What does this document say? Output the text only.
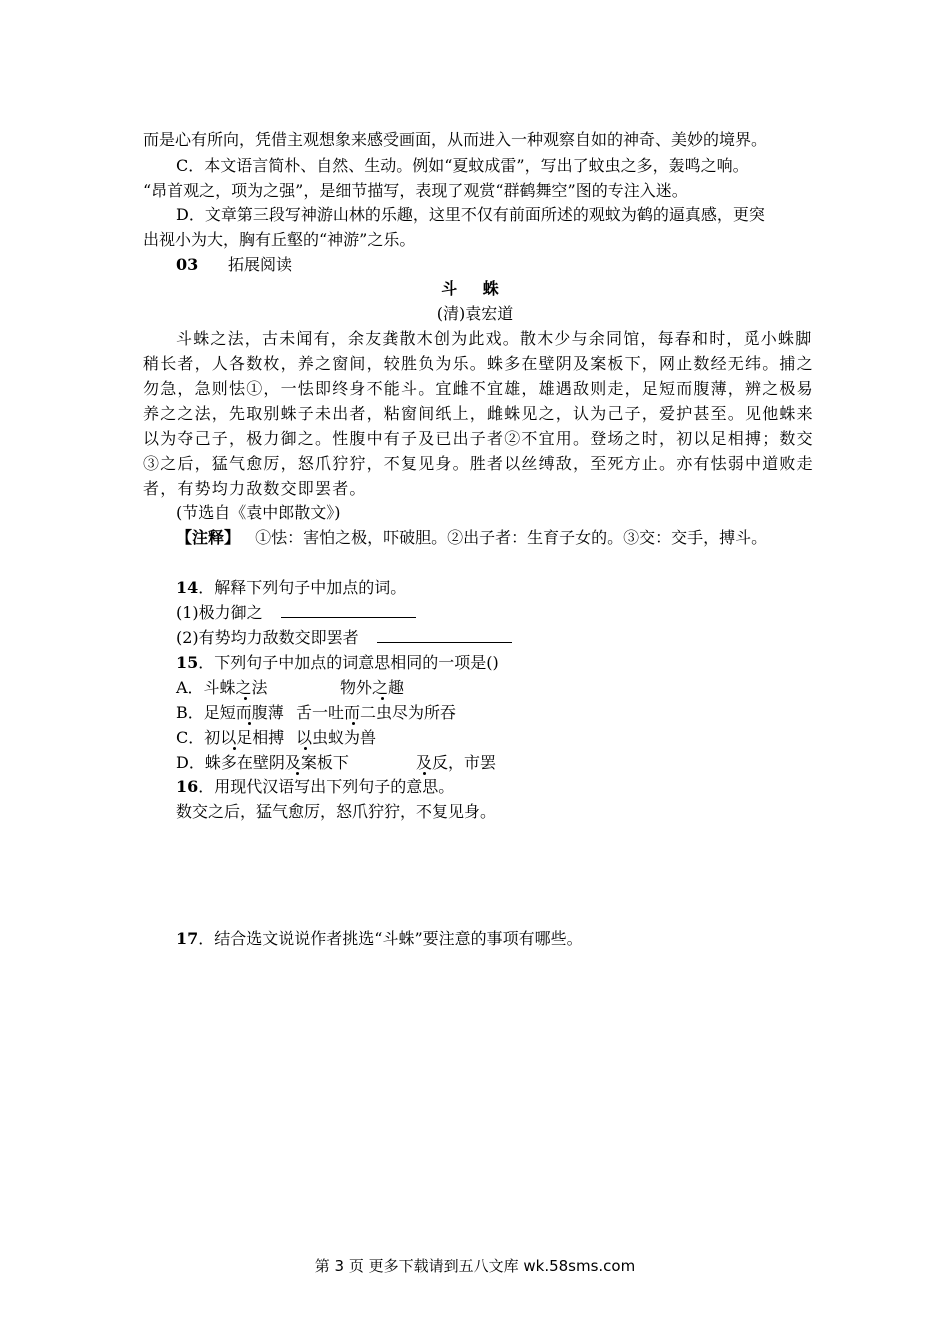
而是心有所向，凭借主观想象来感受画面，从而进入一种观察自如的神奇、美妙的境界。
C．本文语言简朴、自然、生动。例如“夏蚊成雷”，写出了蚊虫之多，轰鸣之响。
“昂首观之，项为之强”，是细节描写，表现了观赏“群鹤舞空”图的专注入迷。
D．文章第三段写神游山林的乐趣，这里不仅有前面所述的观蚊为鹤的逼真感，更突
出视小为大，胸有丘壑的“神游”之乐。
03 拓展阅读
斗 蛛
(清)袁宏道
斗蛛之法，古未闻有，余友龚散木创为此戏。散木少与余同馆，每春和时，觅小蛛脚
稍长者，人各数枚，养之窗间，较胜负为乐。蛛多在壁阴及案板下，网止数经无纬。捕之
勿急，急则怯①，一怯即终身不能斗。宜雌不宜雄，雄遇敌则走，足短而腹薄，辨之极易
养之之法，先取别蛛子未出者，粘窗间纸上，雌蛛见之，认为己子，爱护甚至。见他蛛来
以为夺己子，极力御之。性腹中有子及已出子者②不宜用。登场之时，初以足相搏；数交
③之后，猛气愈厉，怒爪狞狞，不复见身。胜者以丝缚敌，至死方止。亦有怯弱中道败走
者，有势均力敌数交即罢者。
(节选自《袁中郎散文》)
【注释】 ①怯：害怕之极，吓破胆。②出子者：生育子女的。③交：交手，搏斗。
14．解释下列句子中加点的词。
(1)极力御之
(2)有势均力敌数交即罢者
15．下列句子中加点的词意思相同的一项是()
A．斗蛛之法	物外之趣
B．足短而腹薄 舌一吐而二虫尽为所吞
C．初以足相搏 以虫蚁为兽
D．蛛多在壁阴及案板下	及反，市罢
16．用现代汉语写出下列句子的意思。
数交之后，猛气愈厉，怒爪狞狞，不复见身。
17．结合选文说说作者挑选“斗蛛”要注意的事项有哪些。
第 3 页 更多下载请到五八文库 wk.58sms.com
